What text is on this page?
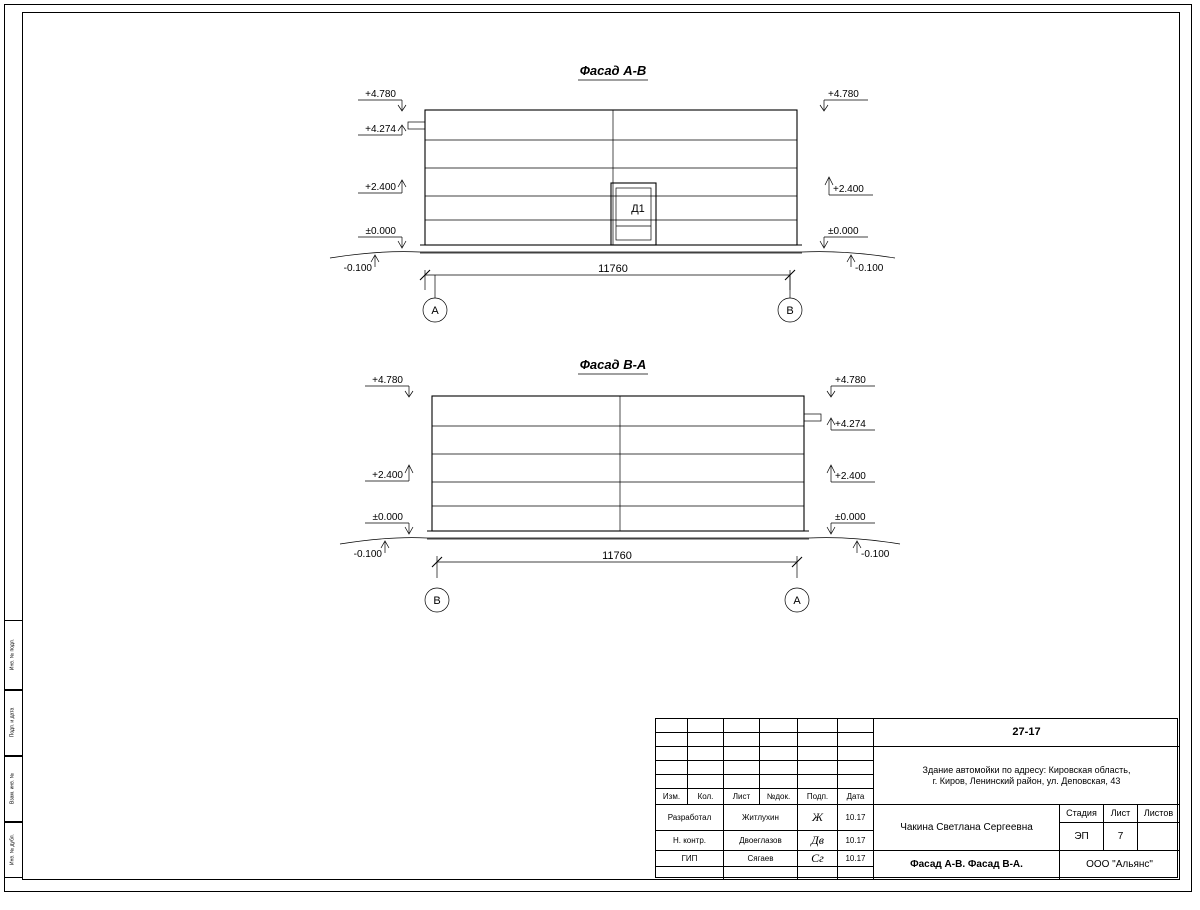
Инв. № подл.
Подп. и дата
Взам. инв. №
Инв. № дубл.
Фасад А-В
Д1
+4.780
+4.274
+2.400
±0.000
-0.100
+4.780
+2.400
±0.000
-0.100
11760
А	В
Фасад В-А
+4.780
+2.400
±0.000
-0.100
+4.780
+4.274
+2.400
±0.000
-0.100
11760
В	А
Изм.	Кол.	Лист	№док.	Подп.	Дата
Разработал	Житлухин	Ж	10.17
Н. контр.	Двоеглазов	Дв	10.17
ГИП	Сягаев	Сг	10.17
27-17
Здание автомойки по адресу: Кировская область,
г. Киров, Ленинский район, ул. Деповская, 43
Чакина Светлана Сергеевна
Фасад А-В. Фасад В-А.
Стадия	Лист	Листов
ЭП	7
ООО "Альянс"
